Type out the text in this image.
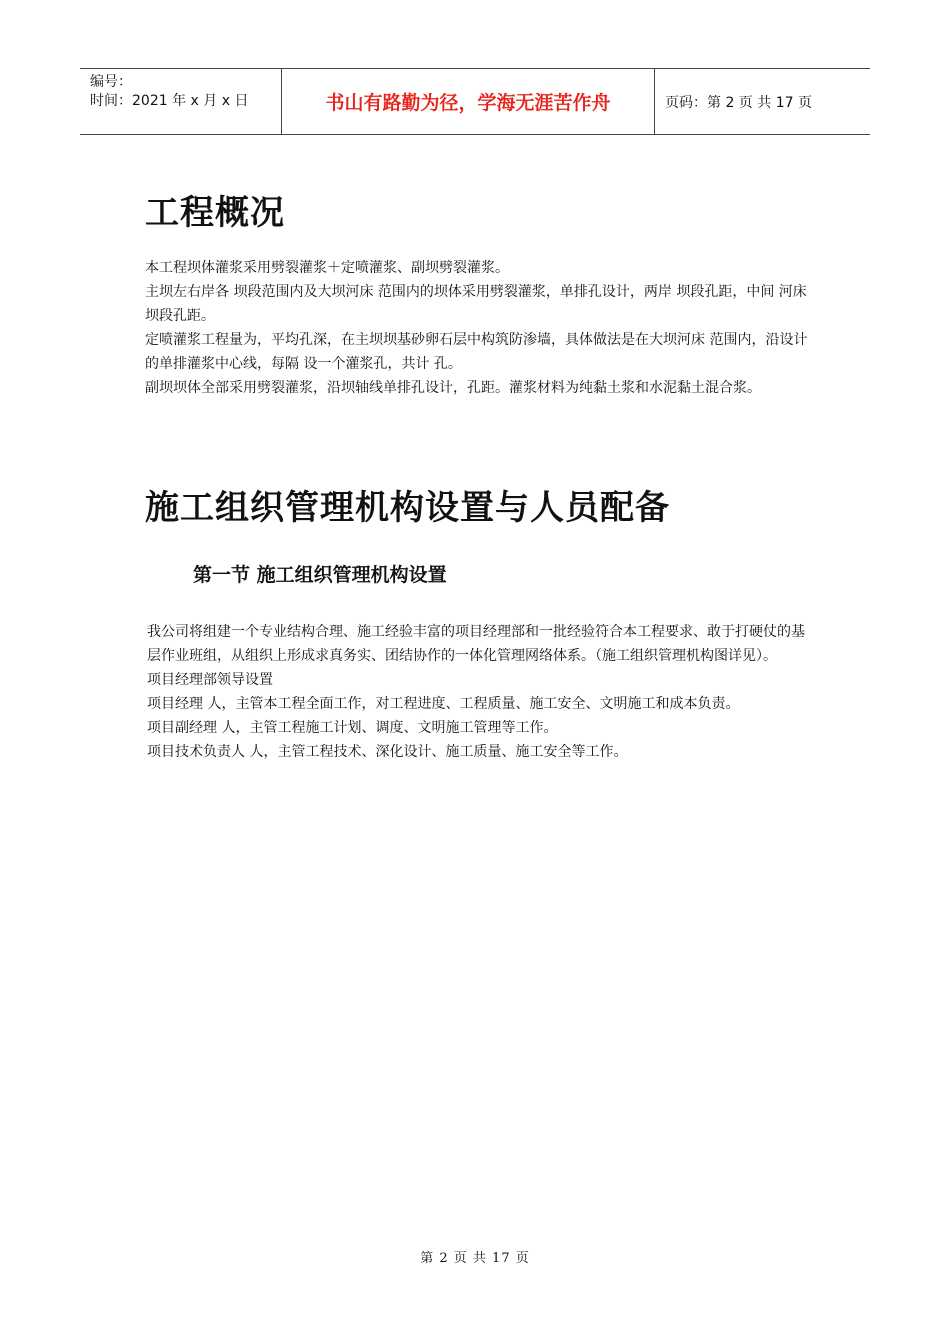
编号：
时间：2021 年 x 月 x 日	书山有路勤为径，学海无涯苦作舟	页码：第 2 页 共 17 页
工程概况

本工程坝体灌浆采用劈裂灌浆＋定喷灌浆、副坝劈裂灌浆。

主坝左右岸各 坝段范围内及大坝河床 范围内的坝体采用劈裂灌浆，单排孔设计，两岸 坝段孔距，中间 河床坝段孔距。

定喷灌浆工程量为，平均孔深，在主坝坝基砂卵石层中构筑防渗墙，具体做法是在大坝河床 范围内，沿设计的单排灌浆中心线，每隔 设一个灌浆孔，共计 孔。

副坝坝体全部采用劈裂灌浆，沿坝轴线单排孔设计，孔距。灌浆材料为纯黏土浆和水泥黏土混合浆。

施工组织管理机构设置与人员配备
第一节 施工组织管理机构设置

我公司将组建一个专业结构合理、施工经验丰富的项目经理部和一批经验符合本工程要求、敢于打硬仗的基层作业班组，从组织上形成求真务实、团结协作的一体化管理网络体系。（施工组织管理机构图详见）。

项目经理部领导设置

项目经理 人，主管本工程全面工作，对工程进度、工程质量、施工安全、文明施工和成本负责。

项目副经理 人，主管工程施工计划、调度、文明施工管理等工作。

项目技术负责人 人，主管工程技术、深化设计、施工质量、施工安全等工作。

第 2 页 共 17 页
